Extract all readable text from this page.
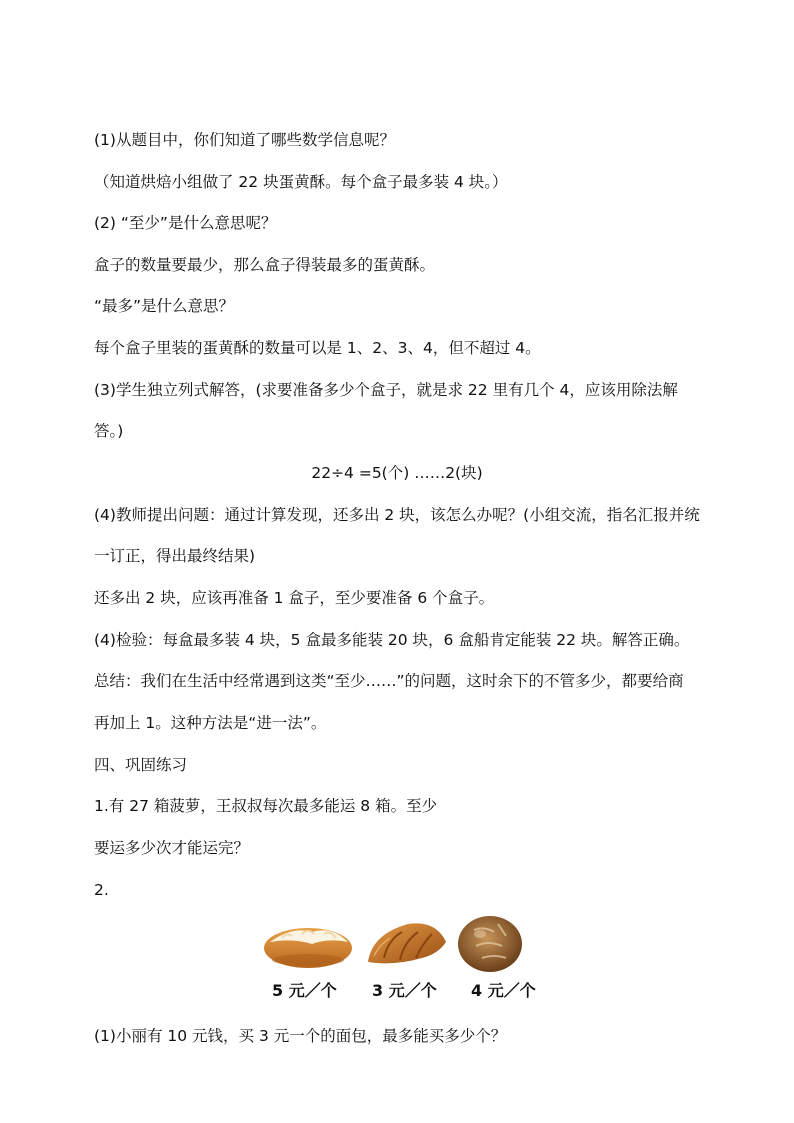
(1)从题目中，你们知道了哪些数学信息呢？
（知道烘焙小组做了 22 块蛋黄酥。每个盒子最多装 4 块。）
(2) “至少”是什么意思呢？
盒子的数量要最少，那么盒子得装最多的蛋黄酥。
“最多”是什么意思？
每个盒子里装的蛋黄酥的数量可以是 1、2、3、4，但不超过 4。
(3)学生独立列式解答，(求要准备多少个盒子，就是求 22 里有几个 4，应该用除法解
答。)
22÷4 =5(个) ……2(块)
(4)教师提出问题：通过计算发现，还多出 2 块，该怎么办呢？(小组交流，指名汇报并统
一订正，得出最终结果)
还多出 2 块，应该再准备 1 盒子，至少要准备 6 个盒子。
(4)检验：每盒最多装 4 块，5 盒最多能装 20 块，6 盒船肯定能装 22 块。解答正确。
总结：我们在生活中经常遇到这类“至少……”的问题，这时余下的不管多少，都要给商
再加上 1。这种方法是“进一法”。
四、巩固练习
1.有 27 箱菠萝，王叔叔每次最多能运 8 箱。至少
要运多少次才能运完？
2.
5 元／个 3 元／个 4 元／个
(1)小丽有 10 元钱，买 3 元一个的面包，最多能买多少个？
